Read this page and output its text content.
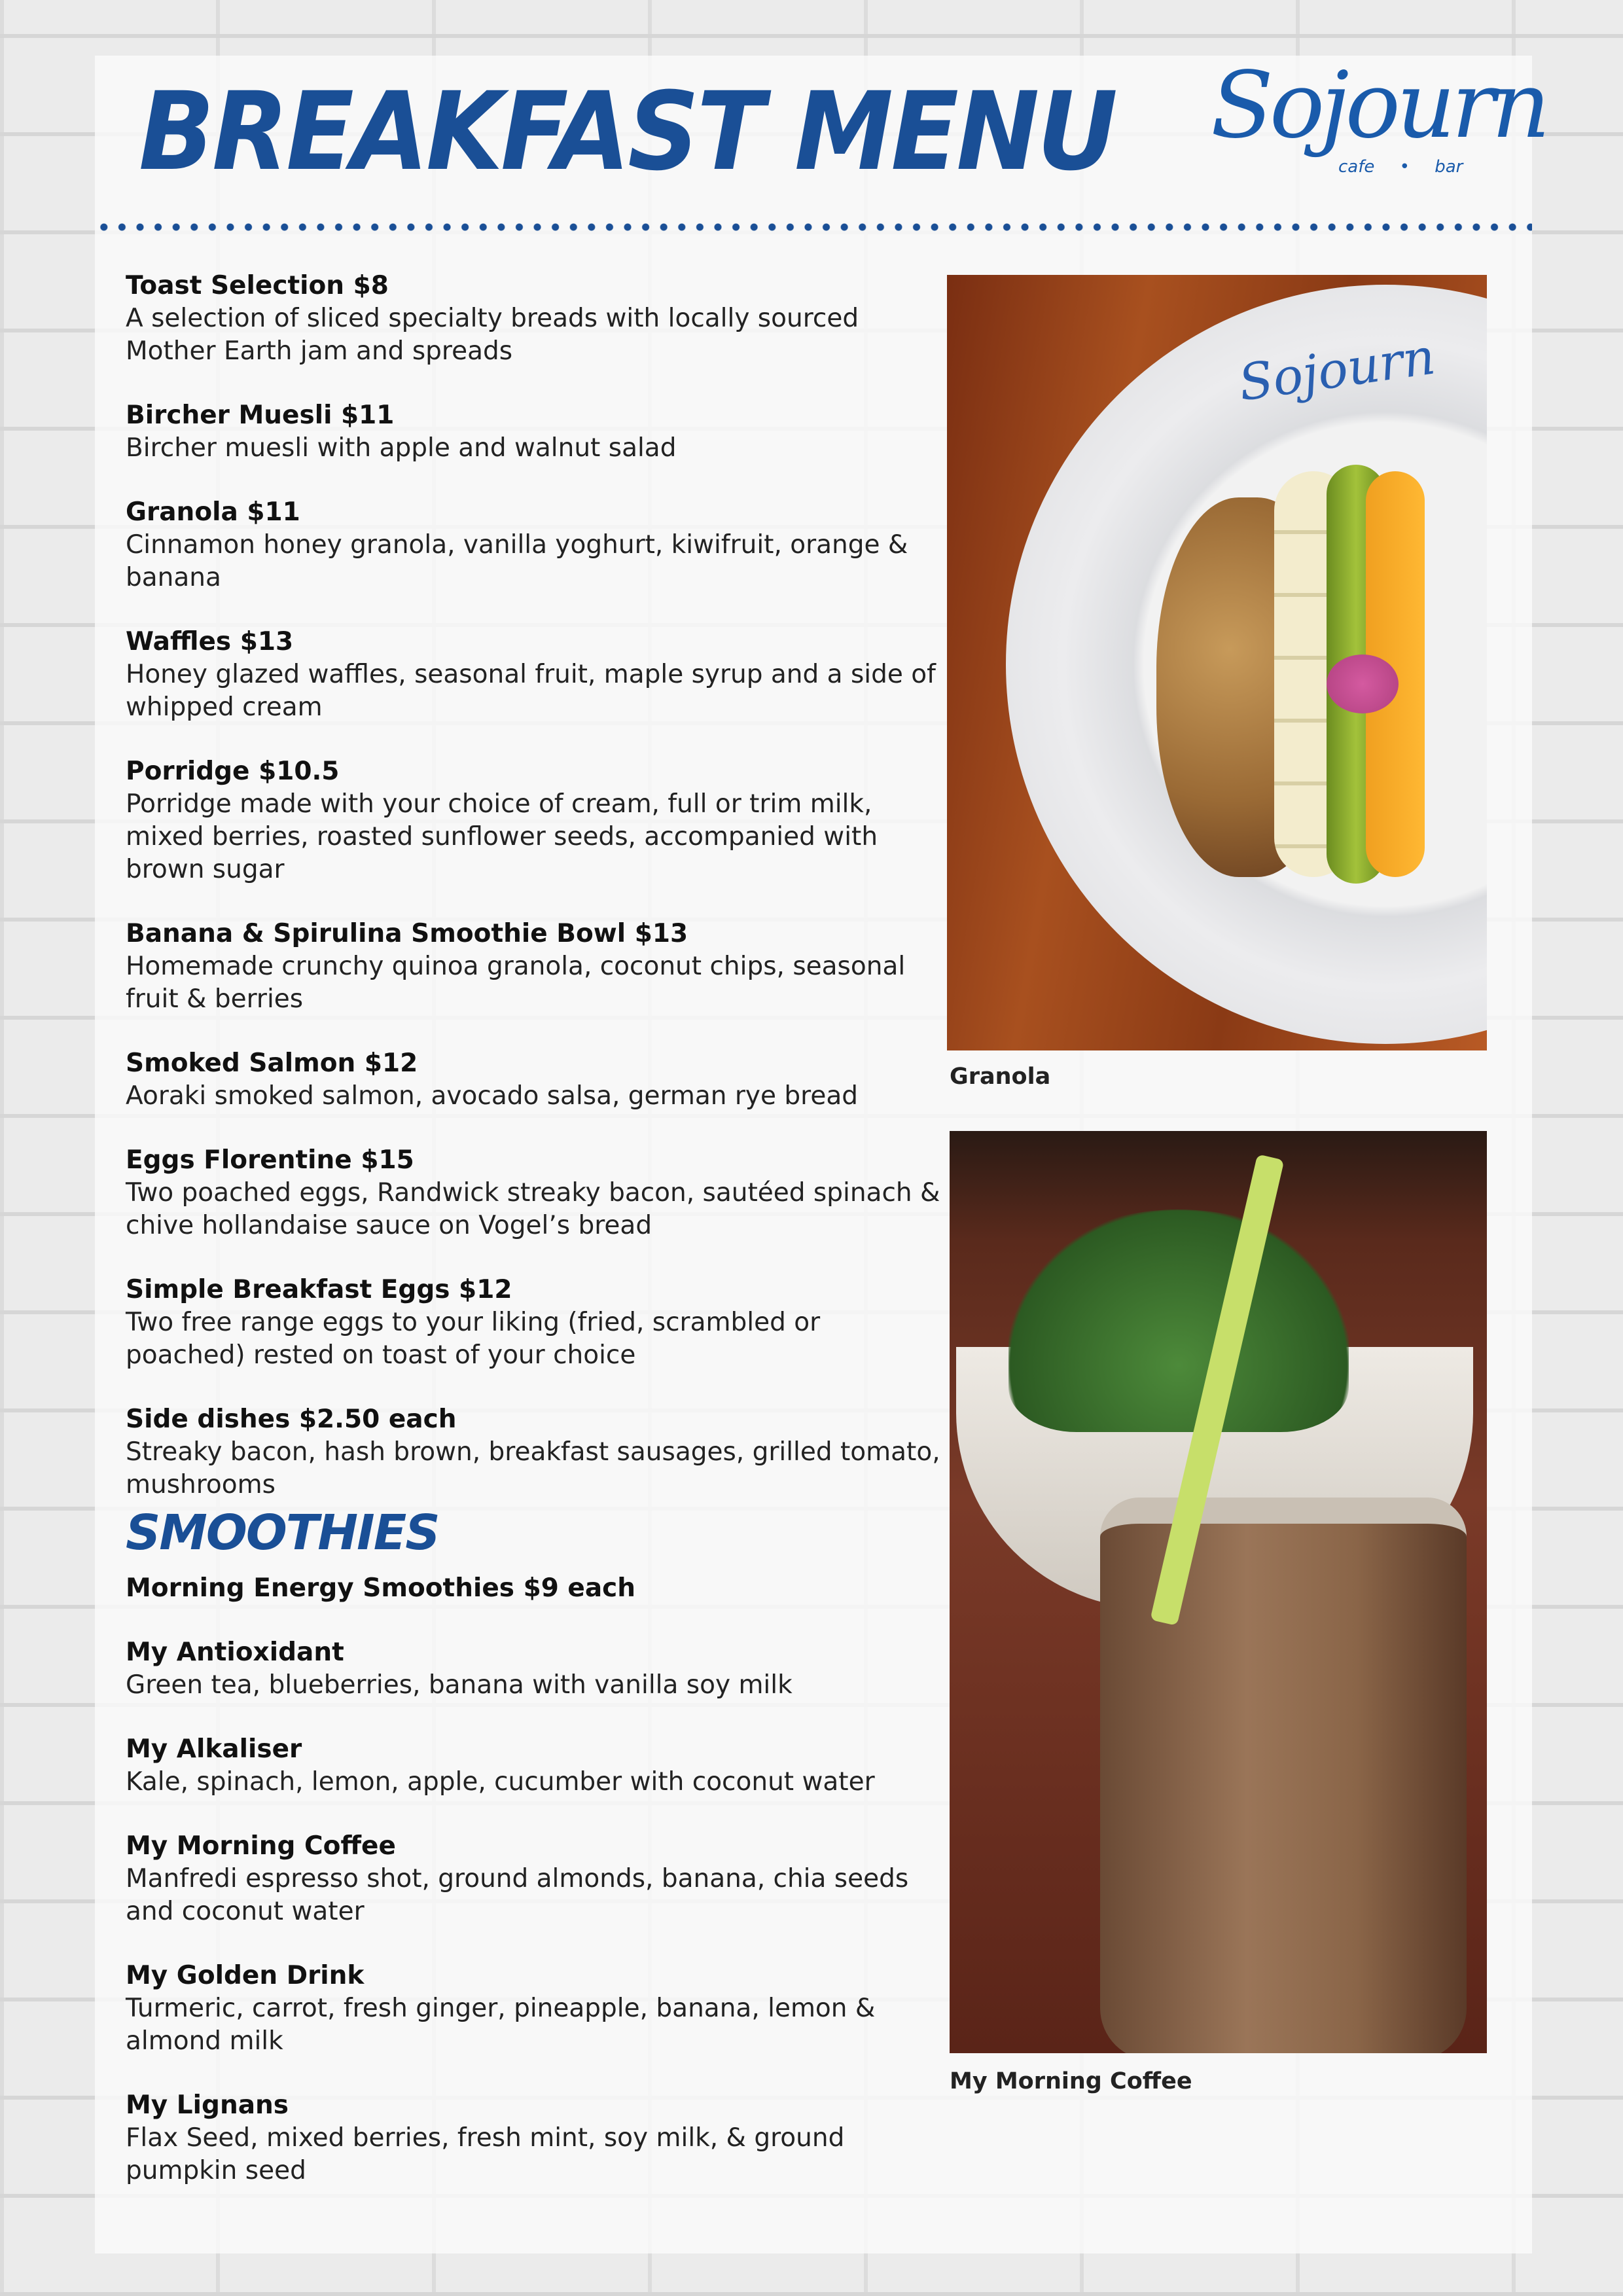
BREAKFAST MENU Sojourn
cafe • bar
Toast Selection $8
A selection of sliced specialty breads with locally sourced Mother Earth jam and spreads
Bircher Muesli $11
Bircher muesli with apple and walnut salad
Granola $11
Cinnamon honey granola, vanilla yoghurt, kiwifruit, orange & banana
Waffles $13
Honey glazed waffles, seasonal fruit, maple syrup and a side of whipped cream
Porridge $10.5
Porridge made with your choice of cream, full or trim milk, mixed berries, roasted sunflower seeds, accompanied with brown sugar
Banana & Spirulina Smoothie Bowl $13
Homemade crunchy quinoa granola, coconut chips, seasonal fruit & berries
Smoked Salmon $12
Aoraki smoked salmon, avocado salsa, german rye bread
Eggs Florentine $15
Two poached eggs, Randwick streaky bacon, sautéed spinach & chive hollandaise sauce on Vogel’s bread
Simple Breakfast Eggs $12
Two free range eggs to your liking (fried, scrambled or poached) rested on toast of your choice
Side dishes $2.50 each
Streaky bacon, hash brown, breakfast sausages, grilled tomato, mushrooms
SMOOTHIES
Morning Energy Smoothies $9 each
My Antioxidant
Green tea, blueberries, banana with vanilla soy milk
My Alkaliser
Kale, spinach, lemon, apple, cucumber with coconut water
My Morning Coffee
Manfredi espresso shot, ground almonds, banana, chia seeds and coconut water
My Golden Drink
Turmeric, carrot, fresh ginger, pineapple, banana, lemon & almond milk
My Lignans
Flax Seed, mixed berries, fresh mint, soy milk, & ground pumpkin seed
Sojourn
Granola
My Morning Coffee
